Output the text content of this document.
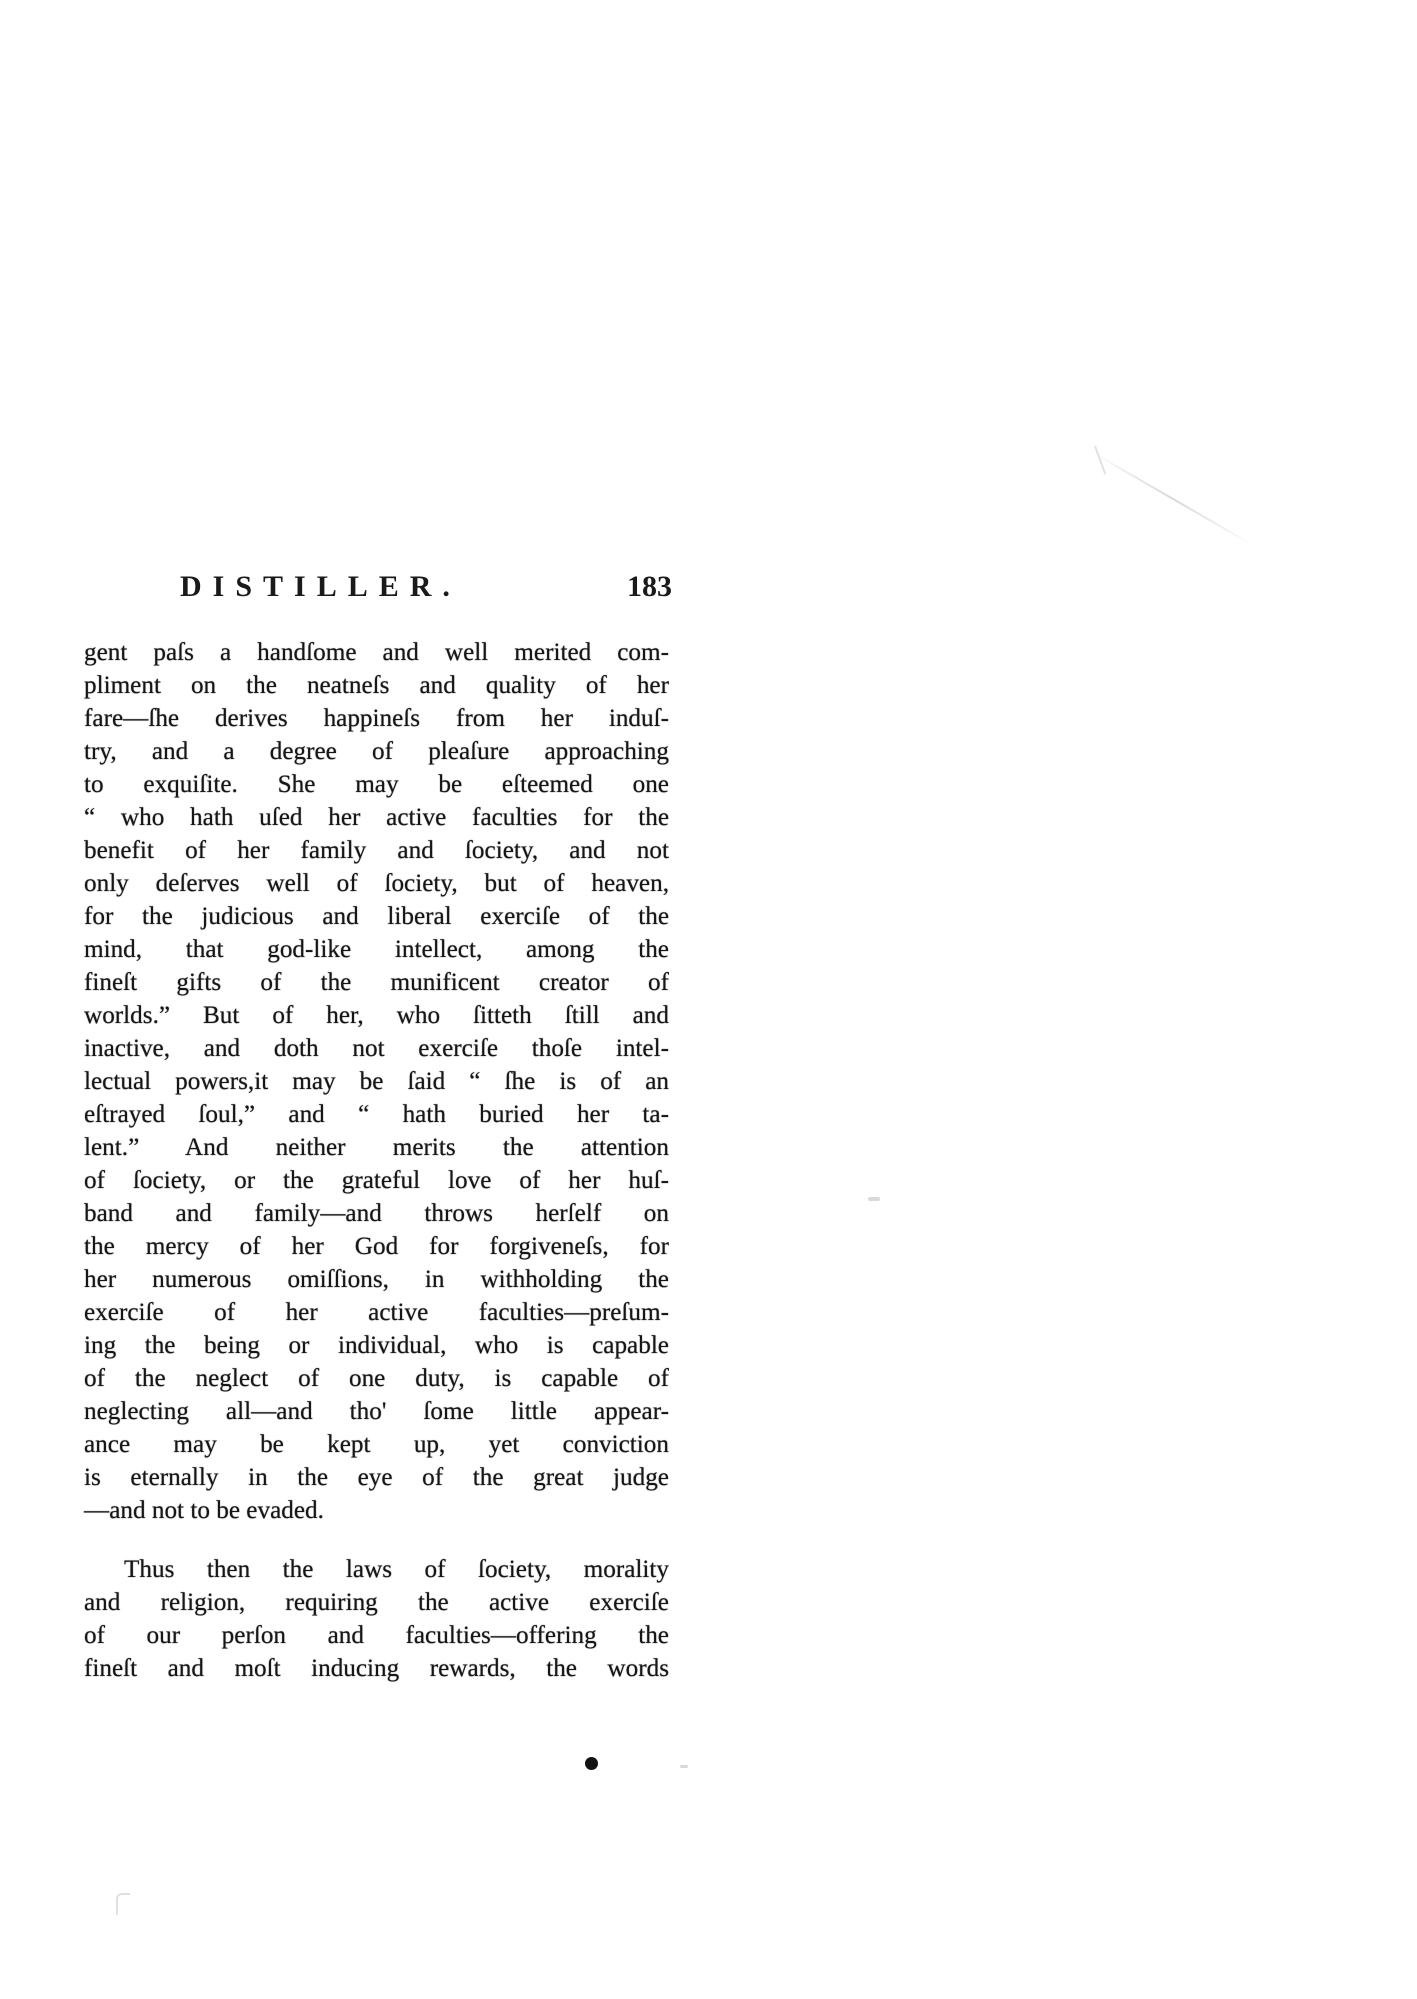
DISTILLER.	183
gent paſs a handſome and well merited com-
pliment on the neatneſs and quality of her
fare—ſhe derives happineſs from her induſ-
try, and a degree of pleaſure approaching
to exquiſite. She may be eſteemed one
“ who hath uſed her active faculties for the
benefit of her family and ſociety, and not
only deſerves well of ſociety, but of heaven,
for the judicious and liberal exerciſe of the
mind, that god-like intellect, among the
fineſt gifts of the munificent creator of
worlds.” But of her, who ſitteth ſtill and
inactive, and doth not exerciſe thoſe intel-
lectual powers,it may be ſaid “ ſhe is of an
eſtrayed ſoul,” and “ hath buried her ta-
lent.” And neither merits the attention
of ſociety, or the grateful love of her huſ-
band and family—and throws herſelf on
the mercy of her God for forgiveneſs, for
her numerous omiſſions, in withholding the
exerciſe of her active faculties—preſum-
ing the being or individual, who is capable
of the neglect of one duty, is capable of
neglecting all—and tho' ſome little appear-
ance may be kept up, yet conviction
is eternally in the eye of the great judge
—and not to be evaded.
Thus then the laws of ſociety, morality
and religion, requiring the active exerciſe
of our perſon and faculties—offering the
fineſt and moſt inducing rewards, the words
